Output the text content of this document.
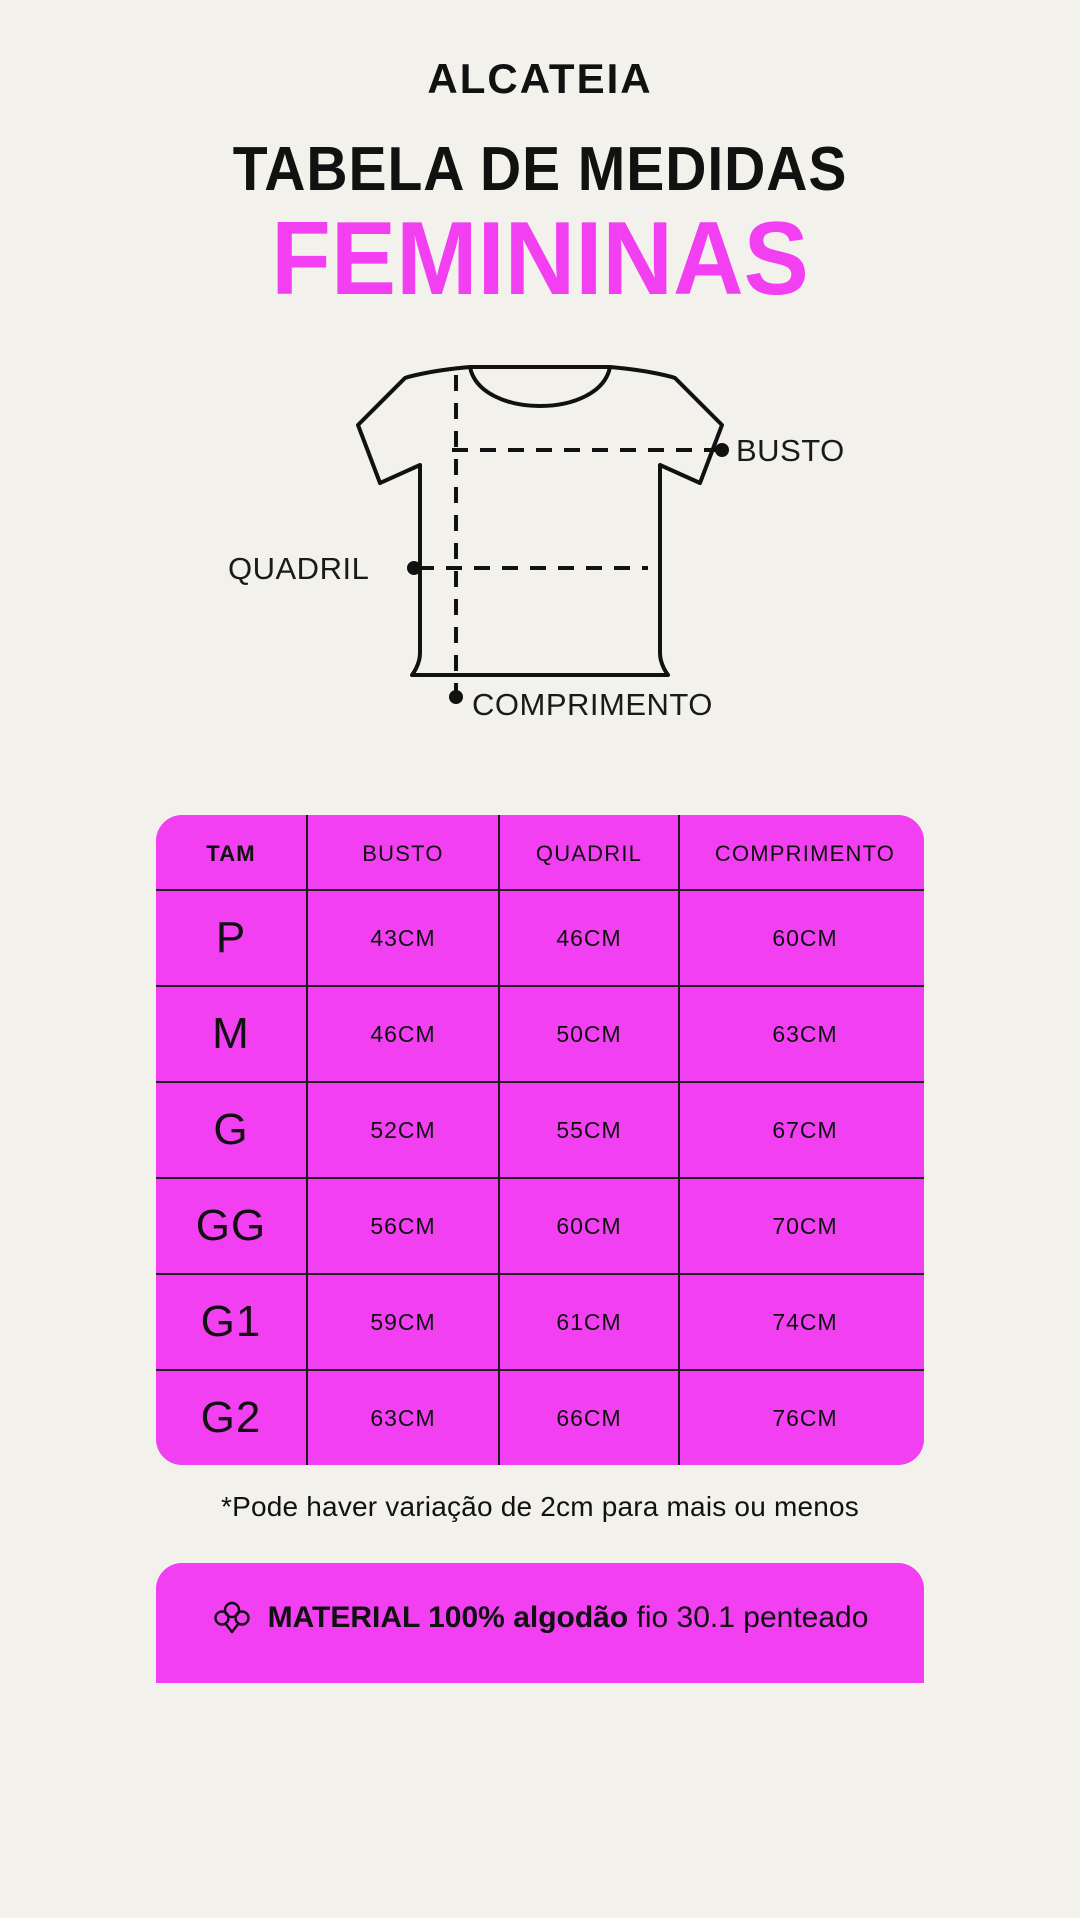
ALCATEIA
TABELA DE MEDIDAS
FEMININAS
BUSTO
QUADRIL
COMPRIMENTO
TAM	BUSTO	QUADRIL	COMPRIMENTO
P	43CM	46CM	60CM
M	46CM	50CM	63CM
G	52CM	55CM	67CM
GG	56CM	60CM	70CM
G1	59CM	61CM	74CM
G2	63CM	66CM	76CM
*Pode haver variação de 2cm para mais ou menos
MATERIAL 100% algodão fio 30.1 penteado
